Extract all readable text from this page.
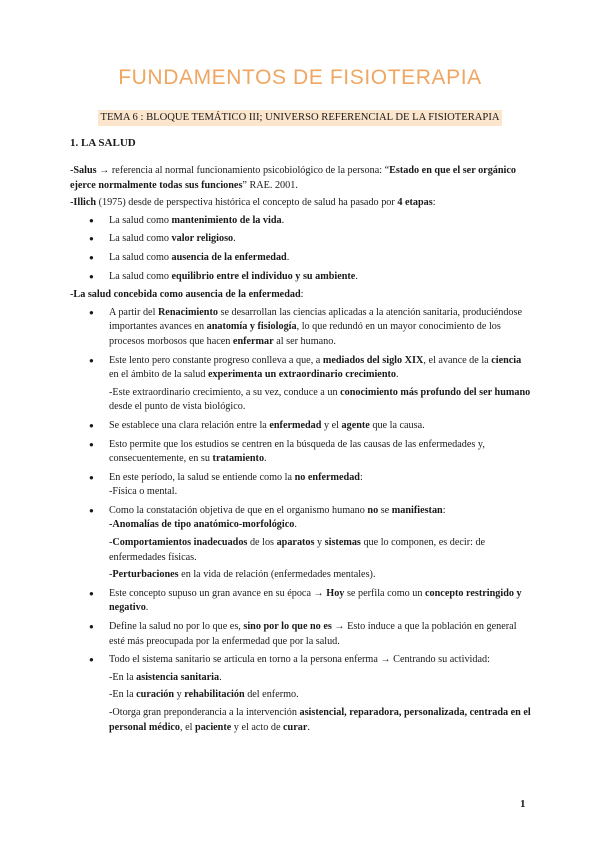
FUNDAMENTOS DE FISIOTERAPIA
TEMA 6 : BLOQUE TEMÁTICO III; UNIVERSO REFERENCIAL DE LA FISIOTERAPIA
1. LA SALUD

-Salus → referencia al normal funcionamiento psicobiológico de la persona: “Estado en que el ser orgánico ejerce normalmente todas sus funciones” RAE. 2001.

-Illich (1975) desde de perspectiva histórica el concepto de salud ha pasado por 4 etapas:

● La salud como mantenimiento de la vida.
● La salud como valor religioso.
● La salud como ausencia de la enfermedad.
● La salud como equilibrio entre el individuo y su ambiente.

-La salud concebida como ausencia de la enfermedad:

● A partir del Renacimiento se desarrollan las ciencias aplicadas a la atención sanitaria, produciéndose importantes avances en anatomía y fisiología, lo que redundó en un mayor conocimiento de los procesos morbosos que hacen enfermar al ser humano.
● Este lento pero constante progreso conlleva a que, a mediados del siglo XIX, el avance de la ciencia en el ámbito de la salud experimenta un extraordinario crecimiento.
-Este extraordinario crecimiento, a su vez, conduce a un conocimiento más profundo del ser humano desde el punto de vista biológico.
● Se establece una clara relación entre la enfermedad y el agente que la causa.
● Esto permite que los estudios se centren en la búsqueda de las causas de las enfermedades y, consecuentemente, en su tratamiento.
● En este período, la salud se entiende como la no enfermedad:
-Física o mental.
● Como la constatación objetiva de que en el organismo humano no se manifiestan:
-Anomalías de tipo anatómico-morfológico.
-Comportamientos inadecuados de los aparatos y sistemas que lo componen, es decir: de enfermedades físicas.
-Perturbaciones en la vida de relación (enfermedades mentales).
● Este concepto supuso un gran avance en su época → Hoy se perfila como un concepto restringido y negativo.
● Define la salud no por lo que es, sino por lo que no es → Esto induce a que la población en general esté más preocupada por la enfermedad que por la salud.
● Todo el sistema sanitario se articula en torno a la persona enferma → Centrando su actividad:
-En la asistencia sanitaria.
-En la curación y rehabilitación del enfermo.
-Otorga gran preponderancia a la intervención asistencial, reparadora, personalizada, centrada en el personal médico, el paciente y el acto de curar.
1
